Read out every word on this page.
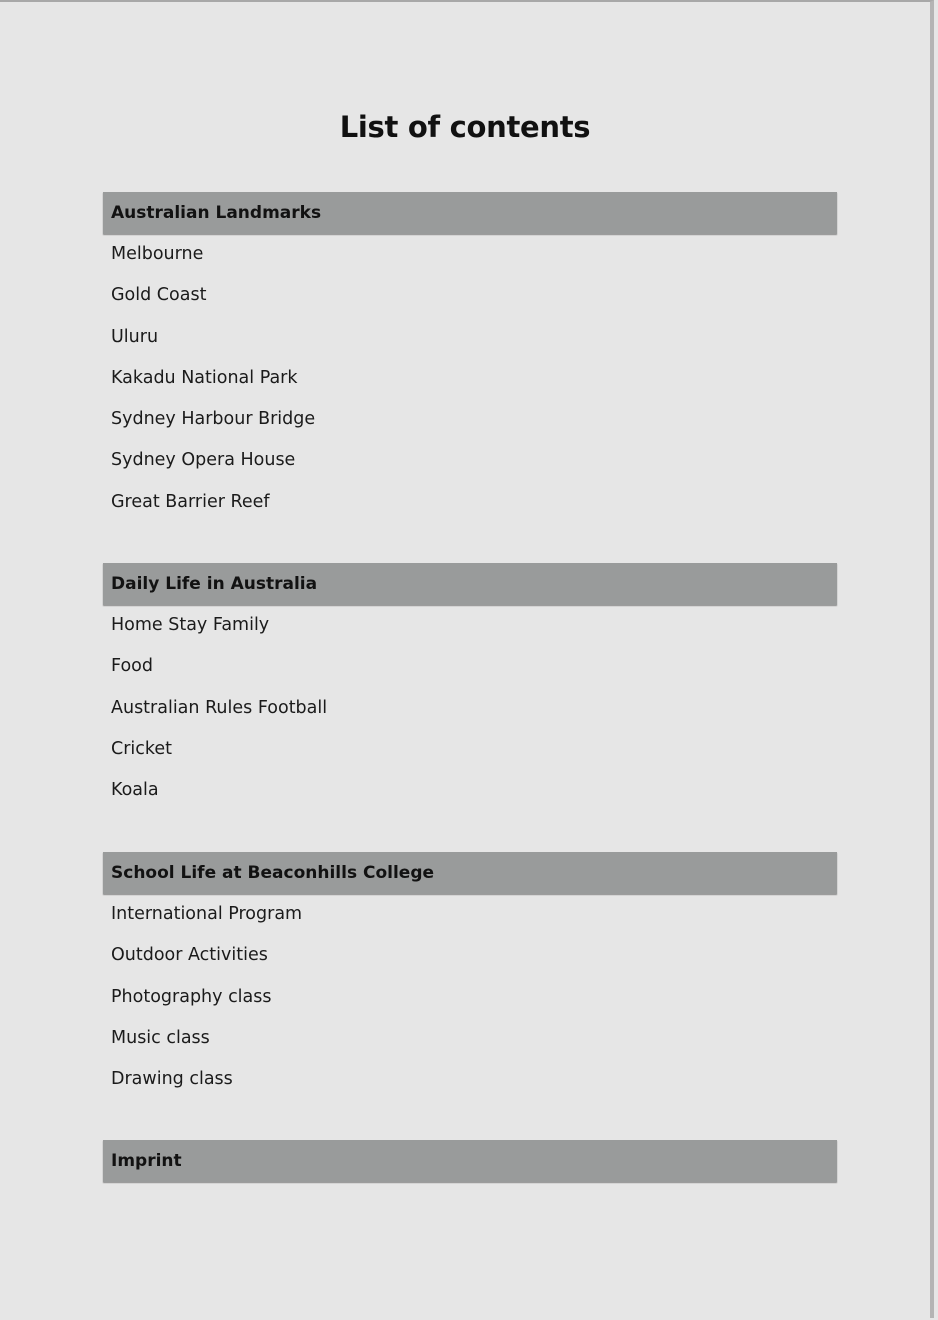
List of contents
Australian Landmarks
Melbourne
Gold Coast
Uluru
Kakadu National Park
Sydney Harbour Bridge
Sydney Opera House
Great Barrier Reef
Daily Life in Australia
Home Stay Family
Food
Australian Rules Football
Cricket
Koala
School Life at Beaconhills College
International Program
Outdoor Activities
Photography class
Music class
Drawing class
Imprint
